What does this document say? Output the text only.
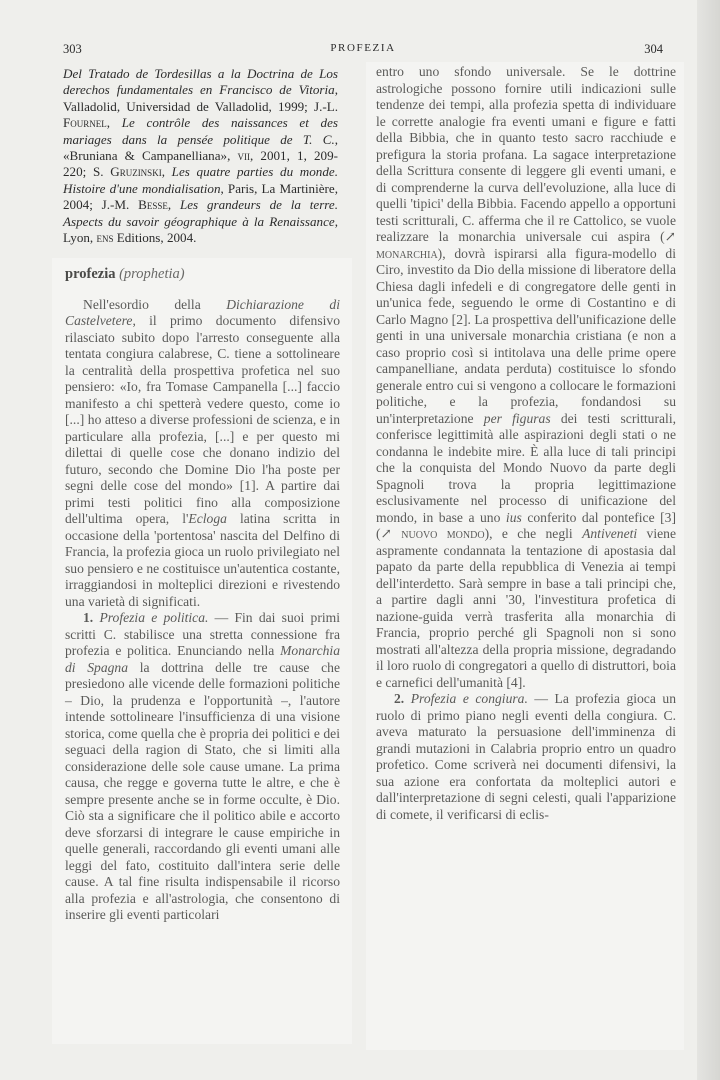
303	PROFEZIA	304
Del Tratado de Tordesillas a la Doctrina de Los derechos fundamentales en Francisco de Vitoria, Valladolid, Universidad de Valladolid, 1999; J.-L. Fournel, Le contrôle des naissances et des mariages dans la pensée politique de T. C., «Bruniana & Campanelliana», vii, 2001, 1, 209-220; S. Gruzinski, Les quatre parties du monde. Histoire d'une mondialisation, Paris, La Martinière, 2004; J.-M. Besse, Les grandeurs de la terre. Aspects du savoir géographique à la Renaissance, Lyon, ens Editions, 2004.
profezia (prophetia)

Nell'esordio della Dichiarazione di Castelvetere, il primo documento difensivo rilasciato subito dopo l'arresto conseguente alla tentata congiura calabrese, C. tiene a sottolineare la centralità della prospettiva profetica nel suo pensiero: «Io, fra Tomase Campanella [...] faccio manifesto a chi spetterà vedere questo, come io [...] ho atteso a diverse professioni de scienza, e in particulare alla profezia, [...] e per questo mi dilettai di quelle cose che donano indizio del futuro, secondo che Domine Dio l'ha poste per segni delle cose del mondo» [1]. A partire dai primi testi politici fino alla composizione dell'ultima opera, l'Ecloga latina scritta in occasione della 'portentosa' nascita del Delfino di Francia, la profezia gioca un ruolo privilegiato nel suo pensiero e ne costituisce un'autentica costante, irraggiandosi in molteplici direzioni e rivestendo una varietà di significati.

1. Profezia e politica. — Fin dai suoi primi scritti C. stabilisce una stretta connessione fra profezia e politica. Enunciando nella Monarchia di Spagna la dottrina delle tre cause che presiedono alle vicende delle formazioni politiche – Dio, la prudenza e l'opportunità –, l'autore intende sottolineare l'insufficienza di una visione storica, come quella che è propria dei politici e dei seguaci della ragion di Stato, che si limiti alla considerazione delle sole cause umane. La prima causa, che regge e governa tutte le altre, e che è sempre presente anche se in forme occulte, è Dio. Ciò sta a significare che il politico abile e accorto deve sforzarsi di integrare le cause empiriche in quelle generali, raccordando gli eventi umani alle leggi del fato, costituito dall'intera serie delle cause. A tal fine risulta indispensabile il ricorso alla profezia e all'astrologia, che consentono di inserire gli eventi particolari

entro uno sfondo universale. Se le dottrine astrologiche possono fornire utili indicazioni sulle tendenze dei tempi, alla profezia spetta di individuare le corrette analogie fra eventi umani e figure e fatti della Bibbia, che in quanto testo sacro racchiude e prefigura la storia profana. La sagace interpretazione della Scrittura consente di leggere gli eventi umani, e di comprenderne la curva dell'evoluzione, alla luce di quelli 'tipici' della Bibbia. Facendo appello a opportuni testi scritturali, C. afferma che il re Cattolico, se vuole realizzare la monarchia universale cui aspira (↗ monarchia), dovrà ispirarsi alla figura-modello di Ciro, investito da Dio della missione di liberatore della Chiesa dagli infedeli e di congregatore delle genti in un'unica fede, seguendo le orme di Costantino e di Carlo Magno [2]. La prospettiva dell'unificazione delle genti in una universale monarchia cristiana (e non a caso proprio così si intitolava una delle prime opere campanelliane, andata perduta) costituisce lo sfondo generale entro cui si vengono a collocare le formazioni politiche, e la profezia, fondandosi su un'interpretazione per figuras dei testi scritturali, conferisce legittimità alle aspirazioni degli stati o ne condanna le indebite mire. È alla luce di tali principi che la conquista del Mondo Nuovo da parte degli Spagnoli trova la propria legittimazione esclusivamente nel processo di unificazione del mondo, in base a uno ius conferito dal pontefice [3] (↗ nuovo mondo), e che negli Antiveneti viene aspramente condannata la tentazione di apostasia dal papato da parte della repubblica di Venezia ai tempi dell'interdetto. Sarà sempre in base a tali principi che, a partire dagli anni '30, l'investitura profetica di nazione-guida verrà trasferita alla monarchia di Francia, proprio perché gli Spagnoli non si sono mostrati all'altezza della propria missione, degradando il loro ruolo di congregatori a quello di distruttori, boia e carnefici dell'umanità [4].

2. Profezia e congiura. — La profezia gioca un ruolo di primo piano negli eventi della congiura. C. aveva maturato la persuasione dell'imminenza di grandi mutazioni in Calabria proprio entro un quadro profetico. Come scriverà nei documenti difensivi, la sua azione era confortata da molteplici autori e dall'interpretazione di segni celesti, quali l'apparizione di comete, il verificarsi di eclis-
